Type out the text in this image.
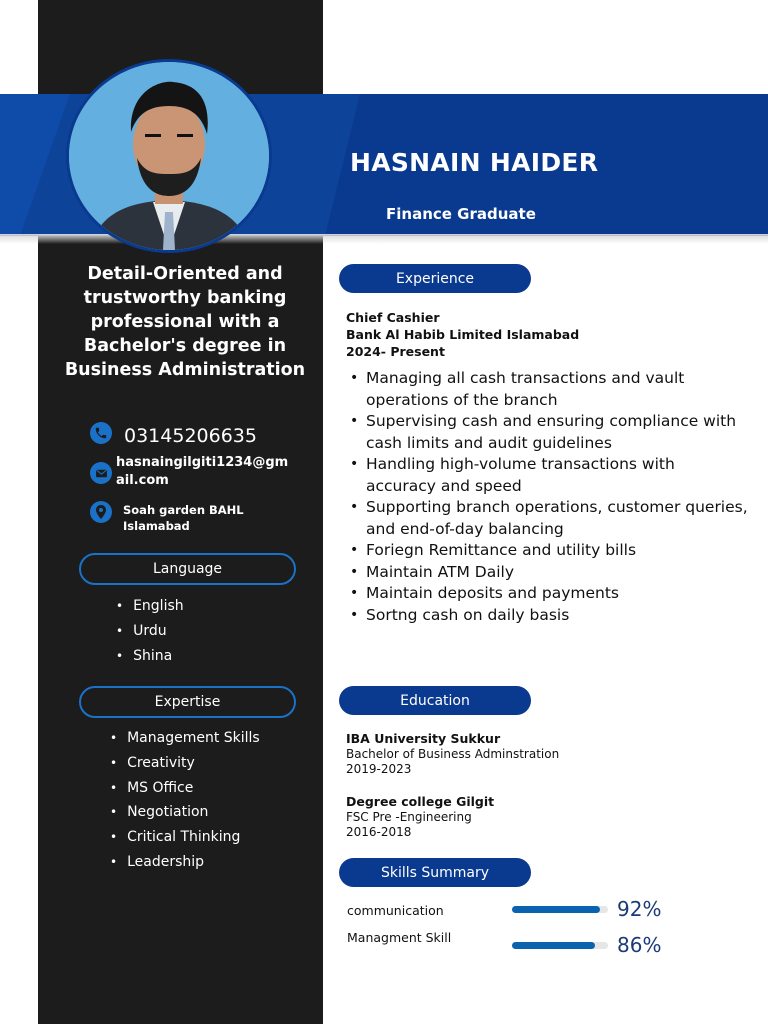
HASNAIN HAIDER
Finance Graduate
Detail-Oriented and trustworthy banking professional with a Bachelor's degree in Business Administration
03145206635
hasnaingilgiti1234@gmail.com
Soah garden BAHL Islamabad
Language
• English
• Urdu
• Shina
Expertise
• Management Skills
• Creativity
• MS Office
• Negotiation
• Critical Thinking
• Leadership
Experience
Chief Cashier
Bank Al Habib Limited Islamabad
2024- Present
• Managing all cash transactions and vault operations of the branch
• Supervising cash and ensuring compliance with cash limits and audit guidelines
• Handling high-volume transactions with accuracy and speed
• Supporting branch operations, customer queries, and end-of-day balancing
• Foriegn Remittance and utility bills
• Maintain ATM Daily
• Maintain deposits and payments
• Sortng cash on daily basis
Education
IBA University Sukkur
Bachelor of Business Adminstration
2019-2023
Degree college Gilgit
FSC Pre -Engineering
2016-2018
Skills Summary
communication	92%
Managment Skill	86%
